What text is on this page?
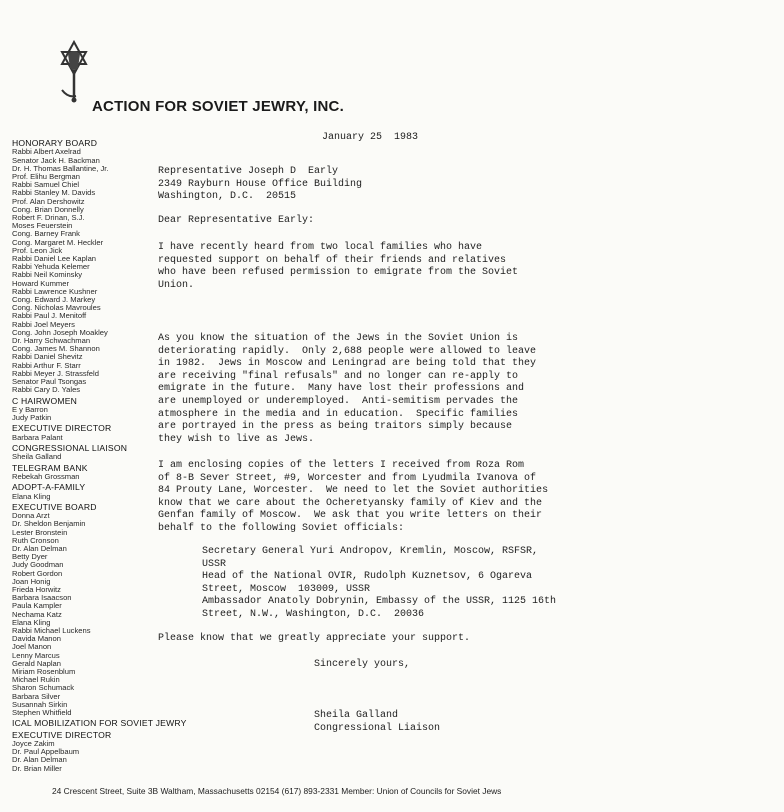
ACTION FOR SOVIET JEWRY, INC.
HONORARY BOARD
Rabbi Albert Axelrad
Senator Jack H. Backman
Dr. H. Thomas Ballantine, Jr.
Prof. Elihu Bergman
Rabbi Samuel Chiel
Rabbi Stanley M. Davids
Prof. Alan Dershowitz
Cong. Brian Donnelly
Robert F. Drinan, S.J.
Moses Feuerstein
Cong. Barney Frank
Cong. Margaret M. Heckler
Prof. Leon Jick
Rabbi Daniel Lee Kaplan
Rabbi Yehuda Kelemer
Rabbi Neil Kominsky
Howard Kummer
Rabbi Lawrence Kushner
Cong. Edward J. Markey
Cong. Nicholas Mavroules
Rabbi Paul J. Menitoff
Rabbi Joel Meyers
Cong. John Joseph Moakley
Dr. Harry Schwachman
Cong. James M. Shannon
Rabbi Daniel Shevitz
Rabbi Arthur F. Starr
Rabbi Meyer J. Strassfeld
Senator Paul Tsongas
Rabbi Cary D. Yales
C HAIRWOMEN
E y Barron
Judy Patkin
EXECUTIVE DIRECTOR
Barbara Palant
CONGRESSIONAL LIAISON
Sheila Galland
TELEGRAM BANK
Rebekah Grossman
ADOPT-A-FAMILY
Elana Kling
EXECUTIVE BOARD
Donna Arzt
Dr. Sheldon Benjamin
Lester Bronstein
Ruth Cronson
Dr. Alan Delman
Betty Dyer
Judy Goodman
Robert Gordon
Joan Honig
Frieda Horwitz
Barbara Isaacson
Paula Kampler
Nechama Katz
Elana Kling
Rabbi Michael Luckens
Davida Manon
Joel Manon
Lenny Marcus
Gerald Naplan
Miriam Rosenblum
Michael Rukin
Sharon Schumack
Barbara Silver
Susannah Sirkin
Stephen Whitfield
ICAL MOBILIZATION FOR SOVIET JEWRY
EXECUTIVE DIRECTOR
Joyce Zakim
Dr. Paul Appelbaum
Dr. Alan Delman
Dr. Brian Miller
January 25  1983
Representative Joseph D  Early
2349 Rayburn House Office Building
Washington, D.C.  20515
Dear Representative Early:
I have recently heard from two local families who have
requested support on behalf of their friends and relatives
who have been refused permission to emigrate from the Soviet
Union.
As you know the situation of the Jews in the Soviet Union is
deteriorating rapidly.  Only 2,688 people were allowed to leave
in 1982.  Jews in Moscow and Leningrad are being told that they
are receiving "final refusals" and no longer can re-apply to
emigrate in the future.  Many have lost their professions and
are unemployed or underemployed.  Anti-semitism pervades the
atmosphere in the media and in education.  Specific families
are portrayed in the press as being traitors simply because
they wish to live as Jews.
I am enclosing copies of the letters I received from Roza Rom
of 8-B Sever Street, #9, Worcester and from Lyudmila Ivanova of
84 Prouty Lane, Worcester.  We need to let the Soviet authorities
know that we care about the Ocheretyansky family of Kiev and the
Genfan family of Moscow.  We ask that you write letters on their
behalf to the following Soviet officials:
Secretary General Yuri Andropov, Kremlin, Moscow, RSFSR,
USSR
Head of the National OVIR, Rudolph Kuznetsov, 6 Ogareva
Street, Moscow  103009, USSR
Ambassador Anatoly Dobrynin, Embassy of the USSR, 1125 16th
Street, N.W., Washington, D.C.  20036
Please know that we greatly appreciate your support.
Sincerely yours,
Sheila Galland
Congressional Liaison
24 Crescent Street, Suite 3B Waltham, Massachusetts 02154 (617) 893-2331 Member: Union of Councils for Soviet Jews
